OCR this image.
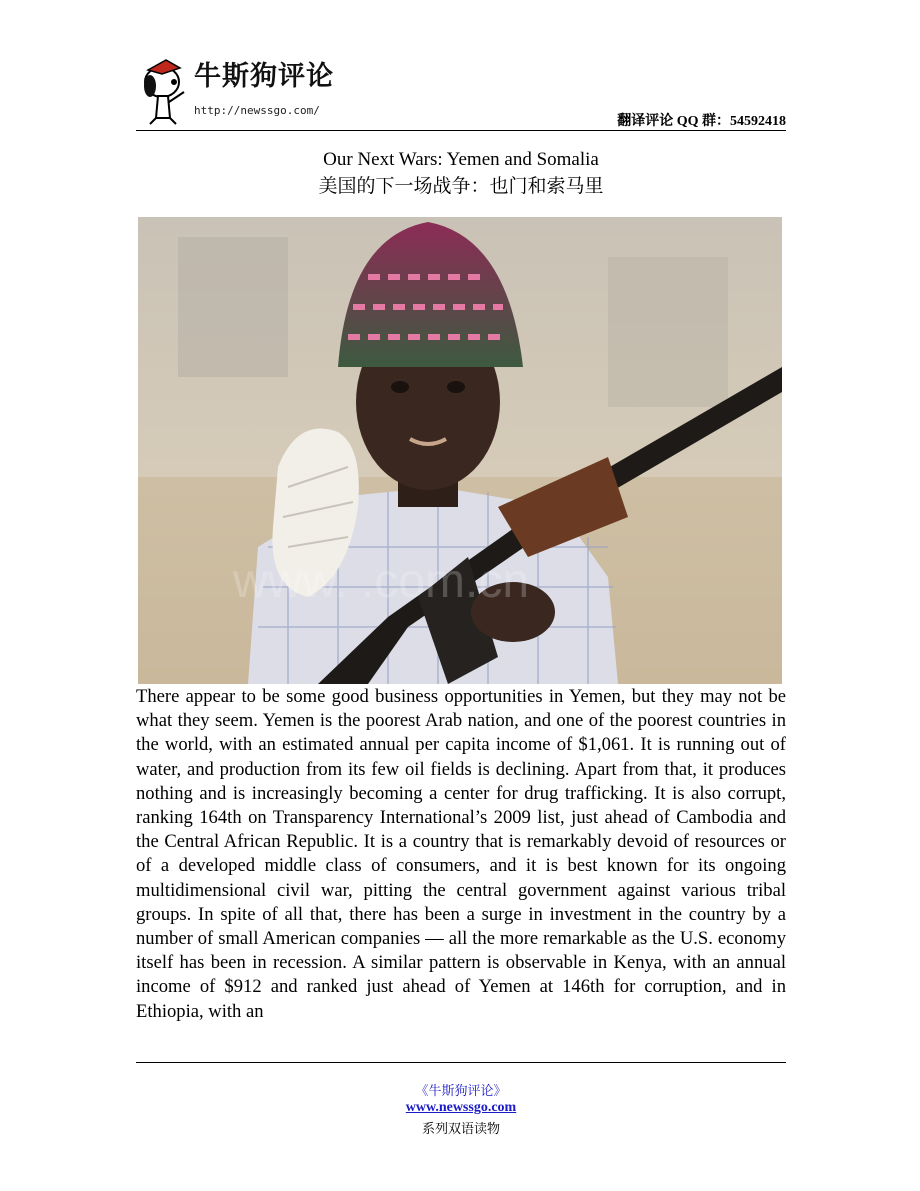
牛斯狗评论
http://newssgo.com/
翻译评论 QQ 群：54592418
Our Next Wars: Yemen and Somalia
美国的下一场战争：也门和索马里
www. .com.cn

There appear to be some good business opportunities in Yemen, but they may not be what they seem. Yemen is the poorest Arab nation, and one of the poorest countries in the world, with an estimated annual per capita income of $1,061. It is running out of water, and production from its few oil fields is declining. Apart from that, it produces nothing and is increasingly becoming a center for drug trafficking. It is also corrupt, ranking 164th on Transparency International’s 2009 list, just ahead of Cambodia and the Central African Republic. It is a country that is remarkably devoid of resources or of a developed middle class of consumers, and it is best known for its ongoing multidimensional civil war, pitting the central government against various tribal groups. In spite of all that, there has been a surge in investment in the country by a number of small American companies — all the more remarkable as the U.S. economy itself has been in recession. A similar pattern is observable in Kenya, with an annual income of $912 and ranked just ahead of Yemen at 146th for corruption, and in Ethiopia, with an

《牛斯狗评论》
www.newssgo.com
系列双语读物
